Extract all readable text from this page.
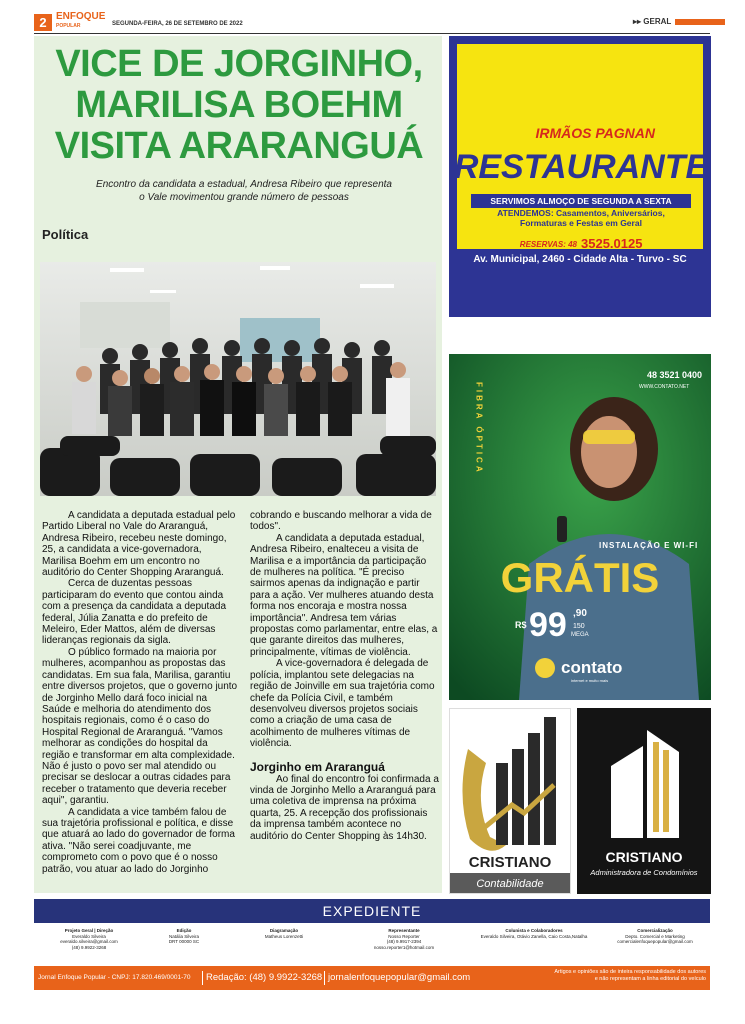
2 ENFOQUE
POPULAR	SEGUNDA-FEIRA, 26 DE SETEMBRO DE 2022	▸▸ GERAL
VICE DE JORGINHO,
MARILISA BOEHM
VISITA ARARANGUÁ
Encontro da candidata a estadual, Andresa Ribeiro que representa o Vale movimentou grande número de pessoas
Política

A candidata a deputada estadual pelo Partido Liberal no Vale do Araranguá, Andresa Ribeiro, recebeu neste domingo, 25, a candidata a vice-governadora, Marilisa Boehm em um encontro no auditório do Center Shopping Araranguá.

Cerca de duzentas pessoas participaram do evento que contou ainda com a presença da candidata a deputada federal, Júlia Zanatta e do prefeito de Meleiro, Eder Mattos, além de diversas lideranças regionais da sigla.

O público formado na maioria por mulheres, acompanhou as propostas das candidatas. Em sua fala, Marilisa, garantiu entre diversos projetos, que o governo junto de Jorginho Mello dará foco inicial na Saúde e melhoria do atendimento dos hospitais regionais, como é o caso do Hospital Regional de Araranguá. "Vamos melhorar as condições do hospital da região e transformar em alta complexidade. Não é justo o povo ser mal atendido ou precisar se deslocar a outras cidades para receber o tratamento que deveria receber aqui", garantiu.

A candidata a vice também falou de sua trajetória profissional e política, e disse que atuará ao lado do governador de forma ativa. "Não serei coadjuvante, me comprometo com o povo que é o nosso patrão, vou atuar ao lado do Jorginho

cobrando e buscando melhorar a vida de todos".

A candidata a deputada estadual, Andresa Ribeiro, enalteceu a visita de Marilisa e a importância da participação de mulheres na política. "É preciso sairmos apenas da indignação e partir para a ação. Ver mulheres atuando desta forma nos encoraja e mostra nossa importância". Andresa tem várias propostas como parlamentar, entre elas, a que garante direitos das mulheres, principalmente, vítimas de violência.

A vice-governadora é delegada de polícia, implantou sete delegacias na região de Joinville em sua trajetória como chefe da Polícia Civil, e também desenvolveu diversos projetos sociais como a criação de uma casa de acolhimento de mulheres vítimas de violência.

Jorginho em Araranguá

Ao final do encontro foi confirmada a vinda de Jorginho Mello a Araranguá para uma coletiva de imprensa na próxima quarta, 25. A recepção dos profissionais da imprensa também acontece no auditório do Center Shopping às 14h30.

IRMÃOS PAGNAN
RESTAURANTE
SERVIMOS ALMOÇO DE SEGUNDA A SEXTA
ATENDEMOS: Casamentos, Aniversários, Formaturas e Festas em Geral
RESERVAS: 48 3525.0125
Av. Municipal, 2460 - Cidade Alta - Turvo - SC
FIBRA ÓPTICA
48 3521 0400
WWW.CONTATO.NET
INSTALAÇÃO E WI-FI
GRÁTIS
R$ 99 ,90
150
MEGA
contato
internet e muito mais
CRISTIANO
Contabilidade
CRISTIANO
Administradora de Condomínios
EXPEDIENTE
Projeto Geral | Direção
Everaldo Silveira
everaldo.silveira@gmail.com
(48) 9.9922-3268
Edição
Natália Silveira
DRT 00000 SC
Diagramação
Matheus Lorenzetti
Representante
Nosso Reporter
(48) 9.9917-2394
nosso.reporter1@hotmail.com
Colunista e Colaboradores
Everaldo Silveira, Otávio Zanella, Caio Costa,Natalha
Comercialização
Depto. Comercial e Marketing
comercialenfoquepopular@gmail.com
Jornal Enfoque Popular - CNPJ: 17.820.469/0001-70 Redação: (48) 9.9922-3268 jornalenfoquepopular@gmail.com	Artigos e opiniões são de inteira responsabilidade dos autores e não representam a linha editorial do veículo
